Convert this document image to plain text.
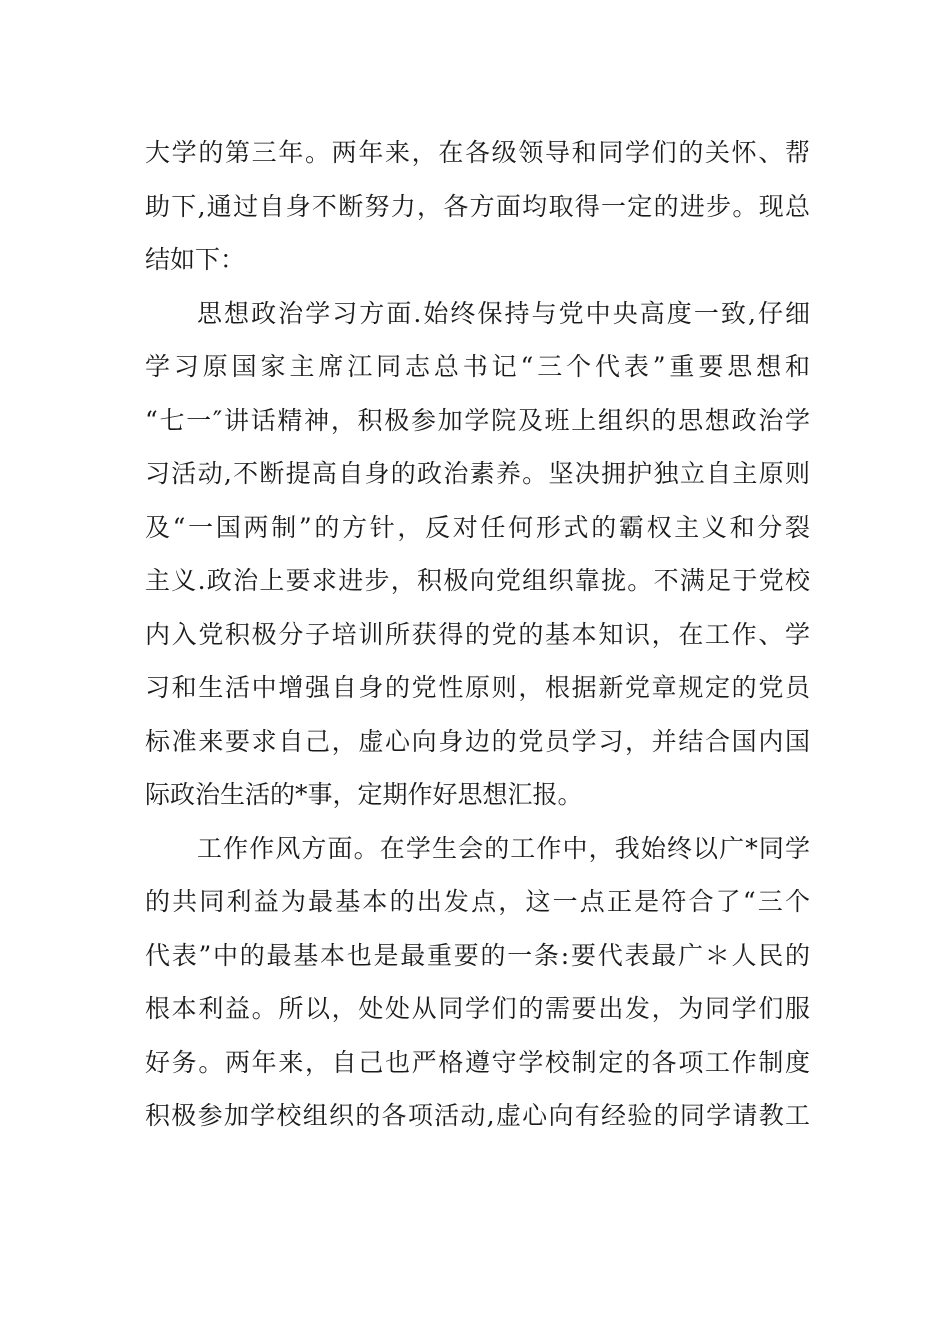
大学的第三年。两年来，在各级领导和同学们的关怀、帮
助下,通过自身不断努力，各方面均取得一定的进步。现总
结如下：
思想政治学习方面.始终保持与党中央高度一致,仔细
学习原国家主席江同志总书记“三个代表”重要思想和
“七一″讲话精神，积极参加学院及班上组织的思想政治学
习活动,不断提高自身的政治素养。坚决拥护独立自主原则
及“一国两制”的方针，反对任何形式的霸权主义和分裂
主义.政治上要求进步，积极向党组织靠拢。不满足于党校
内入党积极分子培训所获得的党的基本知识，在工作、学
习和生活中增强自身的党性原则，根据新党章规定的党员
标准来要求自己，虚心向身边的党员学习，并结合国内国
际政治生活的*事，定期作好思想汇报。
工作作风方面。在学生会的工作中，我始终以广*同学
的共同利益为最基本的出发点，这一点正是符合了“三个
代表”中的最基本也是最重要的一条:要代表最广＊人民的
根本利益。所以，处处从同学们的需要出发，为同学们服
好务。两年来，自己也严格遵守学校制定的各项工作制度
积极参加学校组织的各项活动,虚心向有经验的同学请教工
